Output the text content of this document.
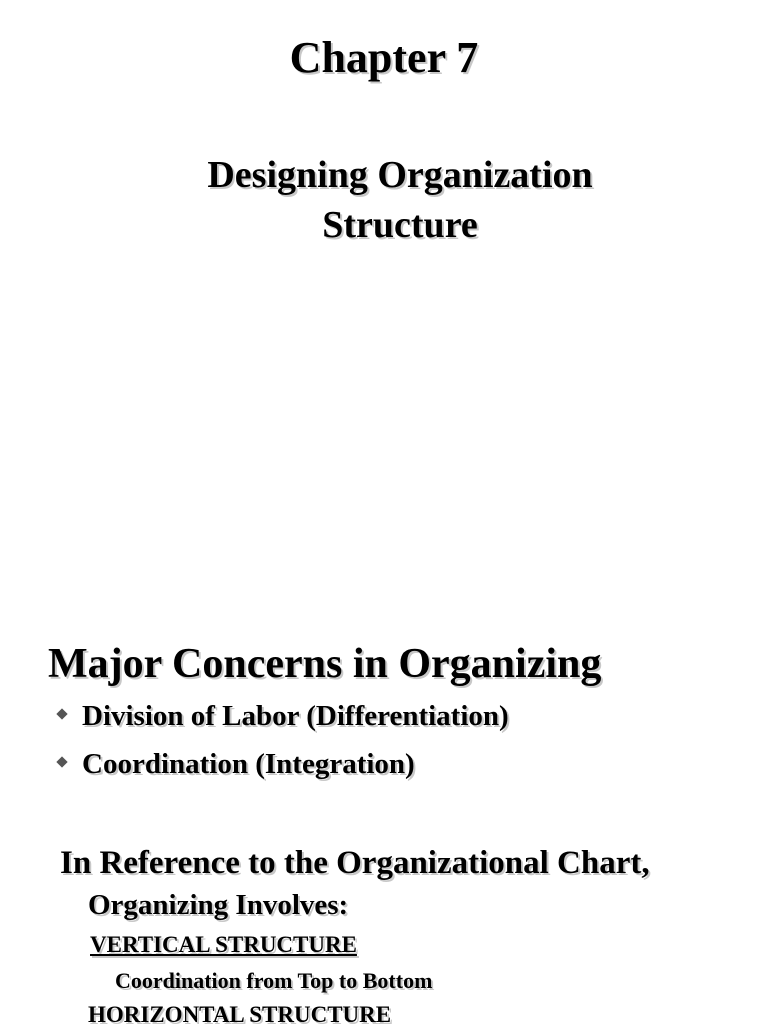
Chapter 7
Designing Organization
Structure
Major Concerns in Organizing
Division of Labor (Differentiation)
Coordination (Integration)
In Reference to the Organizational Chart,
Organizing Involves:
VERTICAL STRUCTURE
Coordination from Top to Bottom
HORIZONTAL STRUCTURE
